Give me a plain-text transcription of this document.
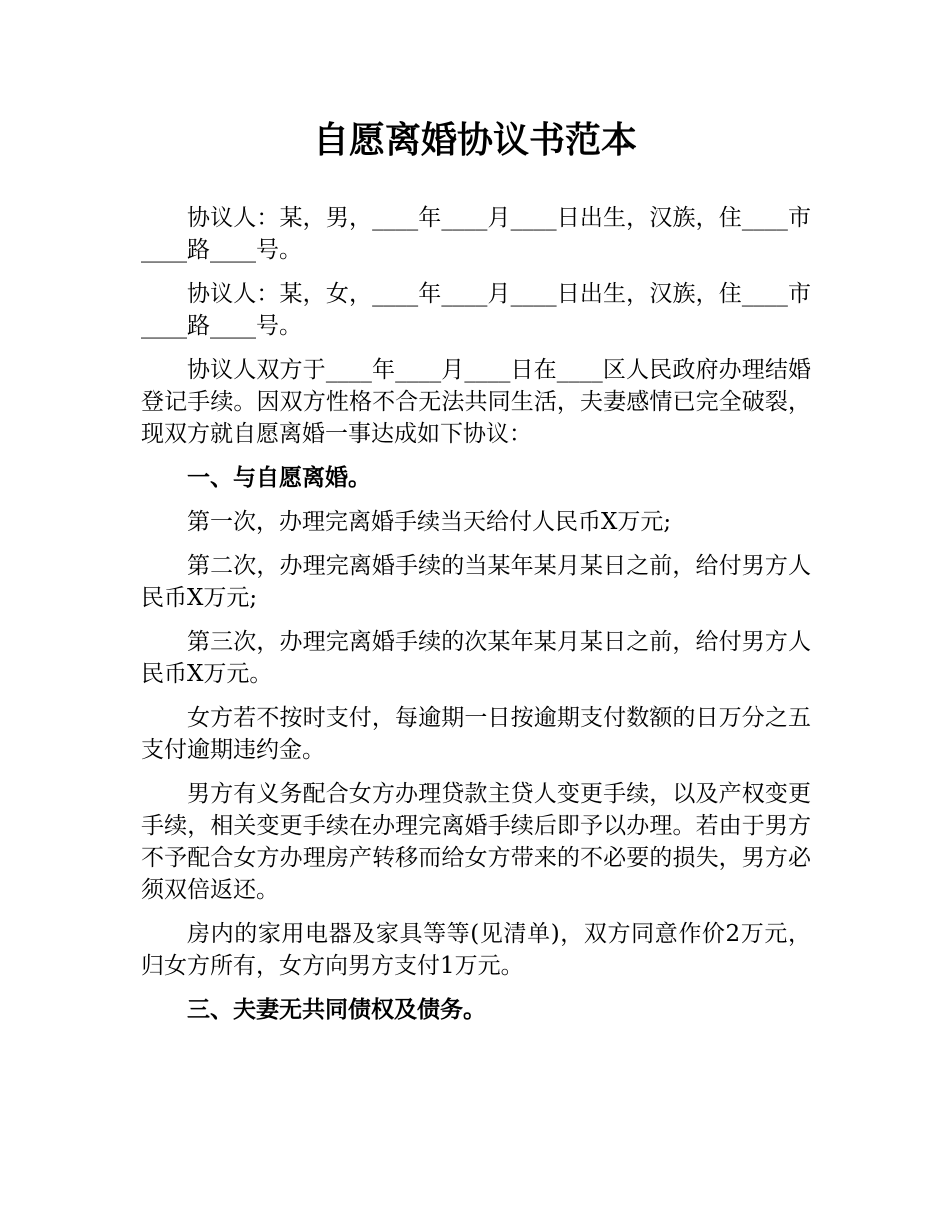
自愿离婚协议书范本

协议人：某，男，____年____月____日出生，汉族，住____市____路____号。

协议人：某，女，____年____月____日出生，汉族，住____市____路____号。

协议人双方于____年____月____日在____区人民政府办理结婚登记手续。因双方性格不合无法共同生活，夫妻感情已完全破裂，现双方就自愿离婚一事达成如下协议：

一、与自愿离婚。

第一次，办理完离婚手续当天给付人民币X万元;

第二次，办理完离婚手续的当某年某月某日之前，给付男方人民币X万元;

第三次，办理完离婚手续的次某年某月某日之前，给付男方人民币X万元。

女方若不按时支付，每逾期一日按逾期支付数额的日万分之五支付逾期违约金。

男方有义务配合女方办理贷款主贷人变更手续，以及产权变更手续，相关变更手续在办理完离婚手续后即予以办理。若由于男方不予配合女方办理房产转移而给女方带来的不必要的损失，男方必须双倍返还。

房内的家用电器及家具等等(见清单)，双方同意作价2万元，归女方所有，女方向男方支付1万元。

三、夫妻无共同债权及债务。
